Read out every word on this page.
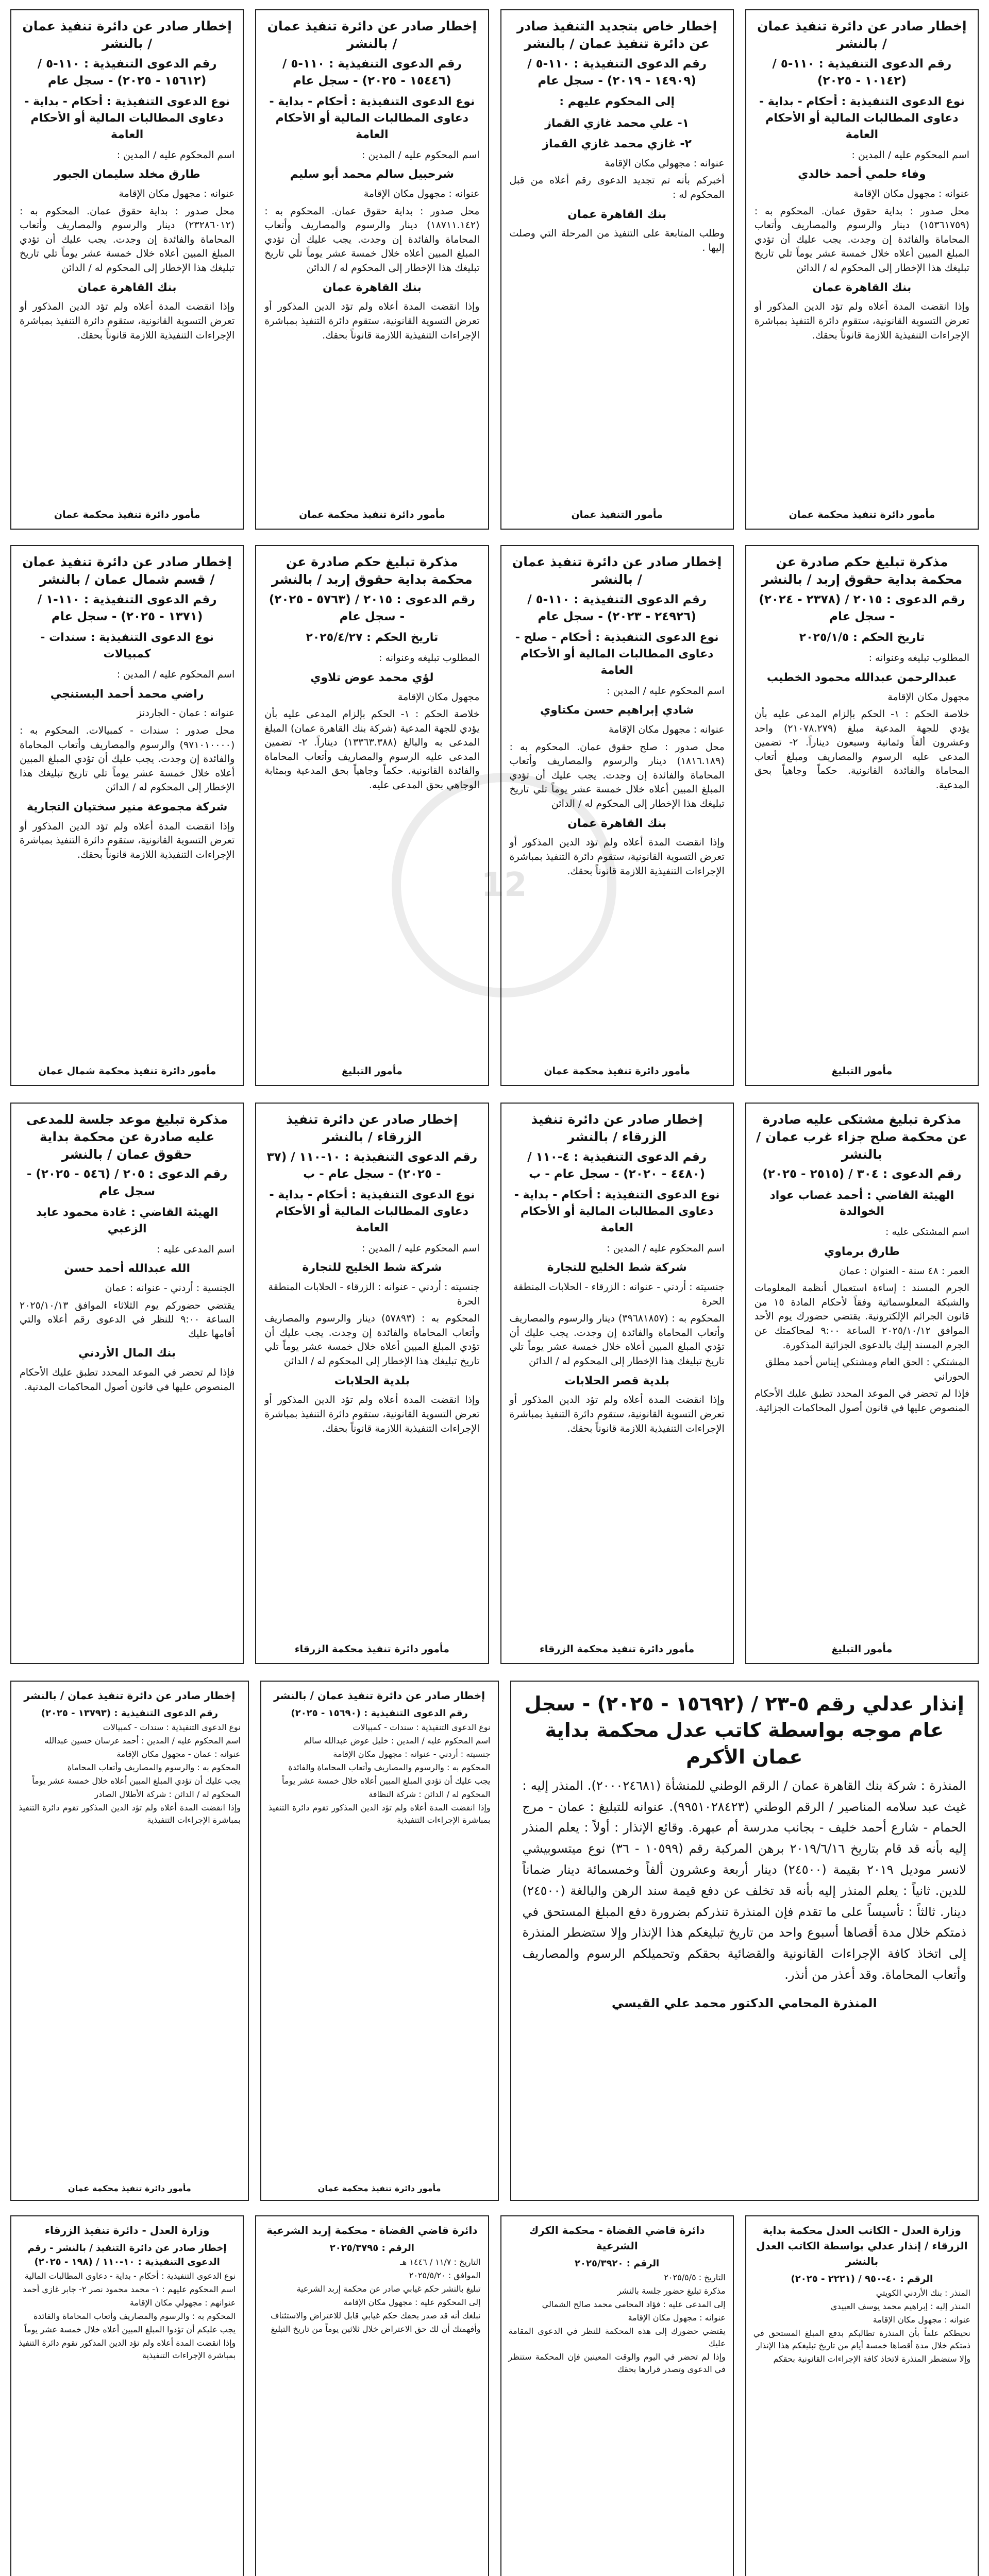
12
إخطار صادر عن دائرة تنفيذ عمان / بالنشر
رقم الدعوى التنفيذية : ١١٠-٥ / (١٠١٤٢ - ٢٠٢٥)
نوع الدعوى التنفيذية : أحكام - بداية - دعاوى المطالبات المالية أو الأحكام العامة
اسم المحكوم عليه / المدين :
وفاء حلمي أحمد خالدي
عنوانه : مجهول مكان الإقامة
محل صدور : بداية حقوق عمان. المحكوم به : (١٥٣٦١٧٥٩) دينار والرسوم والمصاريف وأتعاب المحاماة والفائدة إن وجدت. يجب عليك أن تؤدي المبلغ المبين أعلاه خلال خمسة عشر يوماً تلي تاريخ تبليغك هذا الإخطار إلى المحكوم له / الدائن
بنك القاهرة عمان
وإذا انقضت المدة أعلاه ولم تؤد الدين المذكور أو تعرض التسوية القانونية، ستقوم دائرة التنفيذ بمباشرة الإجراءات التنفيذية اللازمة قانوناً بحقك.
مأمور دائرة تنفيذ محكمة عمان
إخطار خاص بتجديد التنفيذ صادر عن دائرة تنفيذ عمان / بالنشر
رقم الدعوى التنفيذية : ١١٠-٥ / (١٤٩٠٩ - ٢٠١٩) - سجل عام
إلى المحكوم عليهم :
١- علي محمد غازي القماز
٢- غازي محمد غازي القماز
عنوانه : مجهولي مكان الإقامة
أخبركم بأنه تم تجديد الدعوى رقم أعلاه من قبل المحكوم له :
بنك القاهرة عمان
وطلب المتابعة على التنفيذ من المرحلة التي وصلت إليها .
مأمور التنفيذ عمان
إخطار صادر عن دائرة تنفيذ عمان / بالنشر
رقم الدعوى التنفيذية : ١١٠-٥ / (١٥٤٤٦ - ٢٠٢٥) - سجل عام
نوع الدعوى التنفيذية : أحكام - بداية - دعاوى المطالبات المالية أو الأحكام العامة
اسم المحكوم عليه / المدين :
شرحبيل سالم محمد أبو سليم
عنوانه : مجهول مكان الإقامة
محل صدور : بداية حقوق عمان. المحكوم به : (١٨٧١١.١٤٢) دينار والرسوم والمصاريف وأتعاب المحاماة والفائدة إن وجدت. يجب عليك أن تؤدي المبلغ المبين أعلاه خلال خمسة عشر يوماً تلي تاريخ تبليغك هذا الإخطار إلى المحكوم له / الدائن
بنك القاهرة عمان
وإذا انقضت المدة أعلاه ولم تؤد الدين المذكور أو تعرض التسوية القانونية، ستقوم دائرة التنفيذ بمباشرة الإجراءات التنفيذية اللازمة قانوناً بحقك.
مأمور دائرة تنفيذ محكمة عمان
إخطار صادر عن دائرة تنفيذ عمان / بالنشر
رقم الدعوى التنفيذية : ١١٠-٥ / (١٥٦١٢ - ٢٠٢٥) - سجل عام
نوع الدعوى التنفيذية : أحكام - بداية - دعاوى المطالبات المالية أو الأحكام العامة
اسم المحكوم عليه / المدين :
طارق مخلد سليمان الجبور
عنوانه : مجهول مكان الإقامة
محل صدور : بداية حقوق عمان. المحكوم به : (٢٣٢٨٦٠١٢) دينار والرسوم والمصاريف وأتعاب المحاماة والفائدة إن وجدت. يجب عليك أن تؤدي المبلغ المبين أعلاه خلال خمسة عشر يوماً تلي تاريخ تبليغك هذا الإخطار إلى المحكوم له / الدائن
بنك القاهرة عمان
وإذا انقضت المدة أعلاه ولم تؤد الدين المذكور أو تعرض التسوية القانونية، ستقوم دائرة التنفيذ بمباشرة الإجراءات التنفيذية اللازمة قانوناً بحقك.
مأمور دائرة تنفيذ محكمة عمان
مذكرة تبليغ حكم صادرة عن محكمة بداية حقوق إربد / بالنشر
رقم الدعوى : ٢٠١٥ / (٢٣٧٨ - ٢٠٢٤) - سجل عام
تاريخ الحكم : ٢٠٢٥/١/٥
المطلوب تبليغه وعنوانه :
عبدالرحمن عبدالله محمود الخطيب
مجهول مكان الإقامة
خلاصة الحكم : ١- الحكم بإلزام المدعى عليه بأن يؤدي للجهة المدعية مبلغ (٢١٠٧٨.٢٧٩) واحد وعشرون ألفاً وثمانية وسبعون ديناراً. ٢- تضمين المدعى عليه الرسوم والمصاريف ومبلغ أتعاب المحاماة والفائدة القانونية. حكماً وجاهياً بحق المدعية.
مأمور التبليغ
إخطار صادر عن دائرة تنفيذ عمان / بالنشر
رقم الدعوى التنفيذية : ١١٠-٥ / (٢٤٩٢٦ - ٢٠٢٣) - سجل عام
نوع الدعوى التنفيذية : أحكام - صلح - دعاوى المطالبات المالية أو الأحكام العامة
اسم المحكوم عليه / المدين :
شادي إبراهيم حسن مكتاوي
عنوانه : مجهول مكان الإقامة
محل صدور : صلح حقوق عمان. المحكوم به : (١٨١٦.١٨٩) دينار والرسوم والمصاريف وأتعاب المحاماة والفائدة إن وجدت. يجب عليك أن تؤدي المبلغ المبين أعلاه خلال خمسة عشر يوماً تلي تاريخ تبليغك هذا الإخطار إلى المحكوم له / الدائن
بنك القاهرة عمان
وإذا انقضت المدة أعلاه ولم تؤد الدين المذكور أو تعرض التسوية القانونية، ستقوم دائرة التنفيذ بمباشرة الإجراءات التنفيذية اللازمة قانوناً بحقك.
مأمور دائرة تنفيذ محكمة عمان
مذكرة تبليغ حكم صادرة عن محكمة بداية حقوق إربد / بالنشر
رقم الدعوى : ٢٠١٥ / (٥٧٦٣ - ٢٠٢٥) - سجل عام
تاريخ الحكم : ٢٠٢٥/٤/٢٧
المطلوب تبليغه وعنوانه :
لؤي محمد عوض تلاوي
مجهول مكان الإقامة
خلاصة الحكم : ١- الحكم بإلزام المدعى عليه بأن يؤدي للجهة المدعية (شركة بنك القاهرة عمان) المبلغ المدعى به والبالغ (١٣٣٦٣.٣٨٨) ديناراً. ٢- تضمين المدعى عليه الرسوم والمصاريف وأتعاب المحاماة والفائدة القانونية. حكماً وجاهياً بحق المدعية وبمثابة الوجاهي بحق المدعى عليه.
مأمور التبليغ
إخطار صادر عن دائرة تنفيذ عمان / قسم شمال عمان / بالنشر
رقم الدعوى التنفيذية : ١١٠-١ / (١٣٧١ - ٢٠٢٥) - سجل عام
نوع الدعوى التنفيذية : سندات - كمبيالات
اسم المحكوم عليه / المدين :
راضي محمد أحمد البستنجي
عنوانه : عمان - الجاردنز
محل صدور : سندات - كمبيالات. المحكوم به : (٩٧١٠١٠٠٠٠) والرسوم والمصاريف وأتعاب المحاماة والفائدة إن وجدت. يجب عليك أن تؤدي المبلغ المبين أعلاه خلال خمسة عشر يوماً تلي تاريخ تبليغك هذا الإخطار إلى المحكوم له / الدائن
شركة مجموعة منير سختيان التجارية
وإذا انقضت المدة أعلاه ولم تؤد الدين المذكور أو تعرض التسوية القانونية، ستقوم دائرة التنفيذ بمباشرة الإجراءات التنفيذية اللازمة قانوناً بحقك.
مأمور دائرة تنفيذ محكمة شمال عمان
مذكرة تبليغ مشتكى عليه صادرة عن محكمة صلح جزاء غرب عمان / بالنشر
رقم الدعوى : ٣٠٤ / (٢٥١٥ - ٢٠٢٥)
الهيئة القاضي : أحمد غصاب عواد الخوالدة
اسم المشتكى عليه :
طارق برماوي
العمر : ٤٨ سنة - العنوان : عمان
الجرم المسند : إساءة استعمال أنظمة المعلومات والشبكة المعلوسماتية وفقاً لأحكام المادة ١٥ من قانون الجرائم الإلكترونية. يقتضي حضورك يوم الأحد الموافق ٢٠٢٥/١٠/١٢ الساعة ٩:٠٠ لمحاكمتك عن الجرم المسند إليك بالدعوى الجزائية المذكورة.
المشتكي : الحق العام ومشتكي إيناس أحمد مطلق الحوراني
فإذا لم تحضر في الموعد المحدد تطبق عليك الأحكام المنصوص عليها في قانون أصول المحاكمات الجزائية.
مأمور التبليغ
إخطار صادر عن دائرة تنفيذ الزرقاء / بالنشر
رقم الدعوى التنفيذية : ٤-١١٠ / (٤٤٨٠ - ٢٠٢٠) - سجل عام - ب
نوع الدعوى التنفيذية : أحكام - بداية - دعاوى المطالبات المالية أو الأحكام العامة
اسم المحكوم عليه / المدين :
شركة شط الخليج للتجارة
جنسيته : أردني - عنوانه : الزرقاء - الحلابات المنطقة الحرة
المحكوم به : (٣٩٦٨١٨٥٧) دينار والرسوم والمصاريف وأتعاب المحاماة والفائدة إن وجدت. يجب عليك أن تؤدي المبلغ المبين أعلاه خلال خمسة عشر يوماً تلي تاريخ تبليغك هذا الإخطار إلى المحكوم له / الدائن
بلدية قصر الحلابات
وإذا انقضت المدة أعلاه ولم تؤد الدين المذكور أو تعرض التسوية القانونية، ستقوم دائرة التنفيذ بمباشرة الإجراءات التنفيذية اللازمة قانوناً بحقك.
مأمور دائرة تنفيذ محكمة الزرقاء
إخطار صادر عن دائرة تنفيذ الزرقاء / بالنشر
رقم الدعوى التنفيذية : ١٠-١١٠ / (٣٧ - ٢٠٢٥) - سجل عام - ب
نوع الدعوى التنفيذية : أحكام - بداية - دعاوى المطالبات المالية أو الأحكام العامة
اسم المحكوم عليه / المدين :
شركة شط الخليج للتجارة
جنسيته : أردني - عنوانه : الزرقاء - الحلابات المنطقة الحرة
المحكوم به : (٥٧٨٩٣) دينار والرسوم والمصاريف وأتعاب المحاماة والفائدة إن وجدت. يجب عليك أن تؤدي المبلغ المبين أعلاه خلال خمسة عشر يوماً تلي تاريخ تبليغك هذا الإخطار إلى المحكوم له / الدائن
بلدية الحلابات
وإذا انقضت المدة أعلاه ولم تؤد الدين المذكور أو تعرض التسوية القانونية، ستقوم دائرة التنفيذ بمباشرة الإجراءات التنفيذية اللازمة قانوناً بحقك.
مأمور دائرة تنفيذ محكمة الزرقاء
مذكرة تبليغ موعد جلسة للمدعى عليه صادرة عن محكمة بداية حقوق عمان / بالنشر
رقم الدعوى : ٢٠٥ / (٥٤٦ - ٢٠٢٥) - سجل عام
الهيئة القاضي : غادة محمود عايد الزعبي
اسم المدعى عليه :
الله عبدالله أحمد حسن
الجنسية : أردني - عنوانه : عمان
يقتضي حضوركم يوم الثلاثاء الموافق ٢٠٢٥/١٠/١٣ الساعة ٩:٠٠ للنظر في الدعوى رقم أعلاه والتي أقامها عليك
بنك المال الأردني
فإذا لم تحضر في الموعد المحدد تطبق عليك الأحكام المنصوص عليها في قانون أصول المحاكمات المدنية.
إنذار عدلي رقم ٥-٢٣ / (١٥٦٩٢ - ٢٠٢٥) - سجل عام موجه بواسطة كاتب عدل محكمة بداية عمان الأكرم
المنذرة : شركة بنك القاهرة عمان / الرقم الوطني للمنشأة (٢٠٠٠٢٤٦٨١). المنذر إليه : غيث عبد سلامه المناصير / الرقم الوطني (٩٩٥١٠٢٨٤٢٣). عنوانه للتبليغ : عمان - مرج الحمام - شارع أحمد خليف - بجانب مدرسة أم عبهرة. وقائع الإنذار : أولاً : يعلم المنذر إليه بأنه قد قام بتاريخ ٢٠١٩/٦/١٦ برهن المركبة رقم (١٠٥٩٩ - ٣٦) نوع ميتسوبيشي لانسر موديل ٢٠١٩ بقيمة (٢٤٥٠٠) دينار أربعة وعشرون ألفاً وخمسمائة دينار ضماناً للدين. ثانياً : يعلم المنذر إليه بأنه قد تخلف عن دفع قيمة سند الرهن والبالغة (٢٤٥٠٠) دينار. ثالثاً : تأسيساً على ما تقدم فإن المنذرة تنذركم بضرورة دفع المبلغ المستحق في ذمتكم خلال مدة أقصاها أسبوع واحد من تاريخ تبليغكم هذا الإنذار وإلا ستضطر المنذرة إلى اتخاذ كافة الإجراءات القانونية والقضائية بحقكم وتحميلكم الرسوم والمصاريف وأتعاب المحاماة. وقد أعذر من أنذر.
المنذرة المحامي الدكتور محمد علي القيسي
إخطار صادر عن دائرة تنفيذ عمان / بالنشر
رقم الدعوى التنفيذية : (١٥٦٩٠ - ٢٠٢٥)
نوع الدعوى التنفيذية : سندات - كمبيالات
اسم المحكوم عليه / المدين : خليل عوض عبدالله سالم
جنسيته : أردني - عنوانه : مجهول مكان الإقامة
المحكوم به : والرسوم والمصاريف وأتعاب المحاماة والفائدة
يجب عليك أن تؤدي المبلغ المبين أعلاه خلال خمسة عشر يوماً
المحكوم له / الدائن : شركة النظافة
وإذا انقضت المدة أعلاه ولم تؤد الدين المذكور تقوم دائرة التنفيذ بمباشرة الإجراءات التنفيذية
مأمور دائرة تنفيذ محكمة عمان
إخطار صادر عن دائرة تنفيذ عمان / بالنشر
رقم الدعوى التنفيذية : (١٣٧٩٣ - ٢٠٢٥)
نوع الدعوى التنفيذية : سندات - كمبيالات
اسم المحكوم عليه / المدين : أحمد عرسان حسين عبدالله
عنوانه : عمان - مجهول مكان الإقامة
المحكوم به : والرسوم والمصاريف وأتعاب المحاماة
يجب عليك أن تؤدي المبلغ المبين أعلاه خلال خمسة عشر يوماً
المحكوم له / الدائن : شركة الأطلال الصادر
وإذا انقضت المدة أعلاه ولم تؤد الدين المذكور تقوم دائرة التنفيذ بمباشرة الإجراءات التنفيذية
مأمور دائرة تنفيذ محكمة عمان
وزارة العدل - الكاتب العدل محكمة بداية الزرقاء / إنذار عدلي بواسطة الكاتب العدل بالنشر
الرقم : ٤٠-٩٥٠ / (٢٢٢١ - ٢٠٢٥)
المنذر : بنك الأردني الكويتي
المنذر إليه : إبراهيم محمد يوسف العبيدي
عنوانه : مجهول مكان الإقامة
نحيطكم علماً بأن المنذرة تطالبكم بدفع المبلغ المستحق في ذمتكم خلال مدة أقصاها خمسة أيام من تاريخ تبليغكم هذا الإنذار
وإلا ستضطر المنذرة لاتخاذ كافة الإجراءات القانونية بحقكم
دائرة قاضي القضاة - محكمة الكرك الشرعية
الرقم : ٢٠٢٥/٣٩٢٠
التاريخ : ٢٠٢٥/٥/٥
مذكرة تبليغ حضور جلسة بالنشر
إلى المدعى عليه : فؤاد المحامي محمد صالح الشمالي
عنوانه : مجهول مكان الإقامة
يقتضي حضورك إلى هذه المحكمة للنظر في الدعوى المقامة عليك
وإذا لم تحضر في اليوم والوقت المعينين فإن المحكمة ستنظر في الدعوى وتصدر قرارها بحقك
دائرة قاضي القضاة - محكمة إربد الشرعية
الرقم : ٢٠٢٥/٣٧٩٥
التاريخ : ١١/٧ / ١٤٤٦ هـ
الموافق : ٢٠٢٥/٥/٢٠
تبليغ بالنشر حكم غيابي صادر عن محكمة إربد الشرعية
إلى المحكوم عليه : مجهول مكان الإقامة
نبلغك أنه قد صدر بحقك حكم غيابي قابل للاعتراض والاستئناف
وأفهمتك أن لك حق الاعتراض خلال ثلاثين يوماً من تاريخ التبليغ
وزارة العدل - دائرة تنفيذ الزرقاء
إخطار صادر عن دائرة التنفيذ / بالنشر - رقم الدعوى التنفيذية : ١٠-١١٠ / (١٩٨ - ٢٠٢٥)
نوع الدعوى التنفيذية : أحكام - بداية - دعاوى المطالبات المالية
اسم المحكوم عليهم : ١- محمد محمود نصر ٢- جابر غازي أحمد
عنوانهم : مجهولي مكان الإقامة
المحكوم به : والرسوم والمصاريف وأتعاب المحاماة والفائدة
يجب عليكم أن تؤدوا المبلغ المبين أعلاه خلال خمسة عشر يوماً
وإذا انقضت المدة أعلاه ولم تؤد الدين المذكور تقوم دائرة التنفيذ بمباشرة الإجراءات التنفيذية
